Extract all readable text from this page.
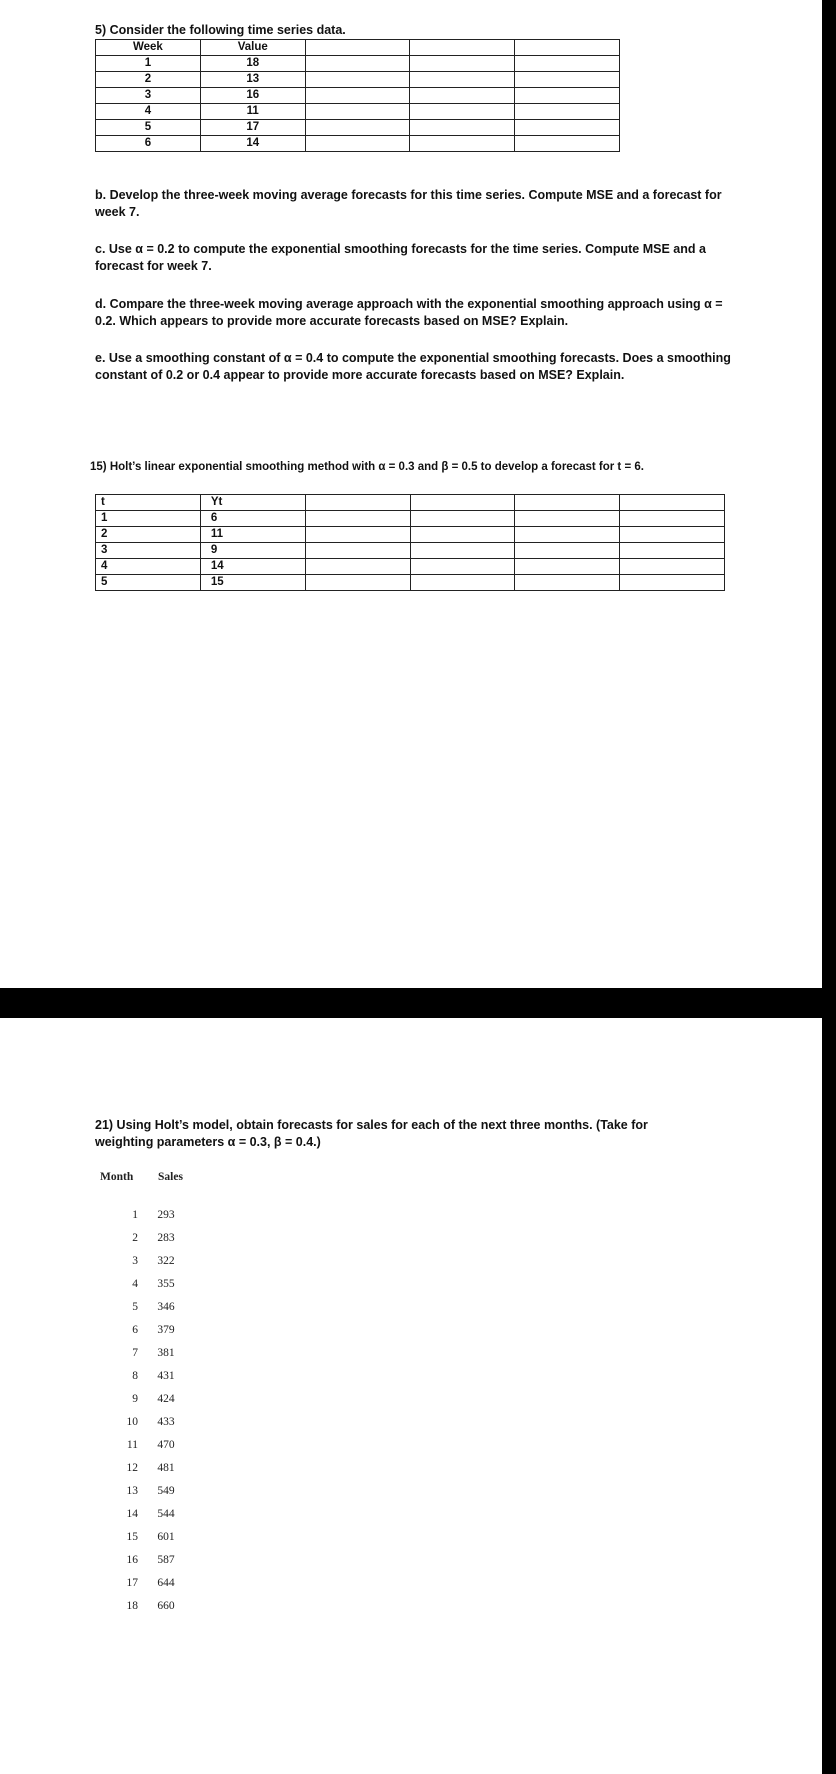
5) Consider the following time series data.

Week	Value			
1	18			
2	13			
3	16			
4	11			
5	17			
6	14			

b. Develop the three-week moving average forecasts for this time series. Compute MSE and a forecast for week 7.

c. Use α = 0.2 to compute the exponential smoothing forecasts for the time series. Compute MSE and a forecast for week 7.

d. Compare the three-week moving average approach with the exponential smoothing approach using α = 0.2. Which appears to provide more accurate forecasts based on MSE? Explain.

e. Use a smoothing constant of α = 0.4 to compute the exponential smoothing forecasts. Does a smoothing constant of 0.2 or 0.4 appear to provide more accurate forecasts based on MSE? Explain.

15) Holt’s linear exponential smoothing method with α = 0.3 and β = 0.5 to develop a forecast for t = 6.

t	Yt				
1	6				
2	11				
3	9				
4	14				
5	15				

21) Using Holt’s model, obtain forecasts for sales for each of the next three months. (Take for weighting parameters α = 0.3, β = 0.4.)

Month	Sales
1	293
2	283
3	322
4	355
5	346
6	379
7	381
8	431
9	424
10	433
11	470
12	481
13	549
14	544
15	601
16	587
17	644
18	660
